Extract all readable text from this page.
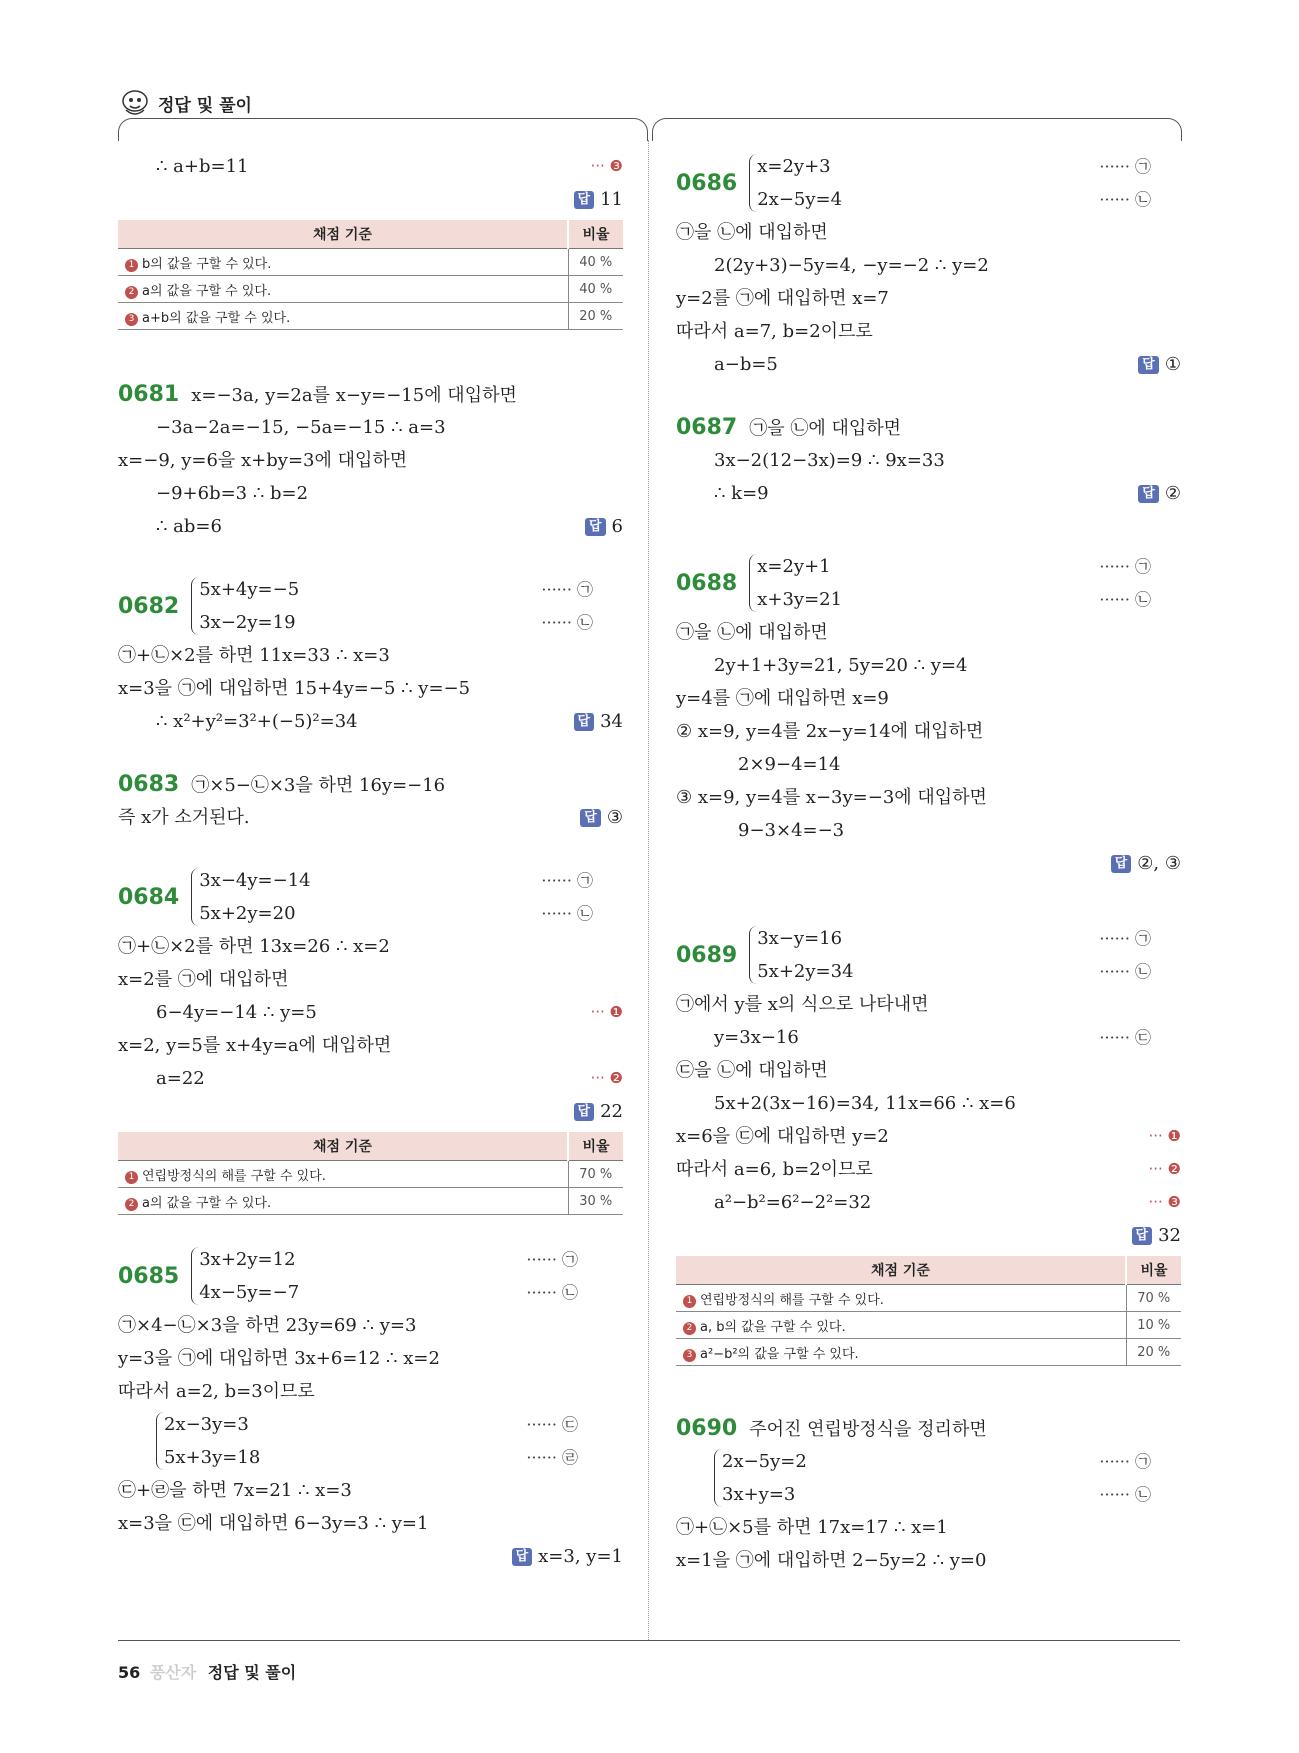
정답 및 풀이
∴ a+b=11	··· ❸
답 11
채점 기준	비율
1 b의 값을 구할 수 있다.	40 %
2 a의 값을 구할 수 있다.	40 %
3 a+b의 값을 구할 수 있다.	20 %
0681 x=−3a, y=2a를 x−y=−15에 대입하면
−3a−2a=−15, −5a=−15 ∴ a=3
x=−9, y=6을 x+by=3에 대입하면
−9+6b=3 ∴ b=2
∴ ab=6	답 6
0682
5x+4y=−5	······ ㉠
3x−2y=19	······ ㉡
㉠+㉡×2를 하면 11x=33 ∴ x=3
x=3을 ㉠에 대입하면 15+4y=−5 ∴ y=−5
∴ x²+y²=3²+(−5)²=34	답 34
0683 ㉠×5−㉡×3을 하면 16y=−16
즉 x가 소거된다.	답 ③
0684
3x−4y=−14	······ ㉠
5x+2y=20	······ ㉡
㉠+㉡×2를 하면 13x=26 ∴ x=2
x=2를 ㉠에 대입하면
6−4y=−14 ∴ y=5	··· ❶
x=2, y=5를 x+4y=a에 대입하면
a=22	··· ❷
답 22
채점 기준	비율
1 연립방정식의 해를 구할 수 있다.	70 %
2 a의 값을 구할 수 있다.	30 %
0685
3x+2y=12	······ ㉠
4x−5y=−7	······ ㉡
㉠×4−㉡×3을 하면 23y=69 ∴ y=3
y=3을 ㉠에 대입하면 3x+6=12 ∴ x=2
따라서 a=2, b=3이므로
2x−3y=3	······ ㉢
5x+3y=18	······ ㉣
㉢+㉣을 하면 7x=21 ∴ x=3
x=3을 ㉢에 대입하면 6−3y=3 ∴ y=1
답 x=3, y=1
0686
x=2y+3	······ ㉠
2x−5y=4	······ ㉡
㉠을 ㉡에 대입하면
2(2y+3)−5y=4, −y=−2 ∴ y=2
y=2를 ㉠에 대입하면 x=7
따라서 a=7, b=2이므로
a−b=5	답 ①
0687 ㉠을 ㉡에 대입하면
3x−2(12−3x)=9 ∴ 9x=33
∴ k=9	답 ②
0688
x=2y+1	······ ㉠
x+3y=21	······ ㉡
㉠을 ㉡에 대입하면
2y+1+3y=21, 5y=20 ∴ y=4
y=4를 ㉠에 대입하면 x=9
② x=9, y=4를 2x−y=14에 대입하면
2×9−4=14
③ x=9, y=4를 x−3y=−3에 대입하면
9−3×4=−3
답 ②, ③
0689
3x−y=16	······ ㉠
5x+2y=34	······ ㉡
㉠에서 y를 x의 식으로 나타내면
y=3x−16	······ ㉢
㉢을 ㉡에 대입하면
5x+2(3x−16)=34, 11x=66 ∴ x=6
x=6을 ㉢에 대입하면 y=2	··· ❶
따라서 a=6, b=2이므로	··· ❷
a²−b²=6²−2²=32	··· ❸
답 32
채점 기준	비율
1 연립방정식의 해를 구할 수 있다.	70 %
2 a, b의 값을 구할 수 있다.	10 %
3 a²−b²의 값을 구할 수 있다.	20 %
0690 주어진 연립방정식을 정리하면
2x−5y=2	······ ㉠
3x+y=3	······ ㉡
㉠+㉡×5를 하면 17x=17 ∴ x=1
x=1을 ㉠에 대입하면 2−5y=2 ∴ y=0
56 풍산자 정답 및 풀이
